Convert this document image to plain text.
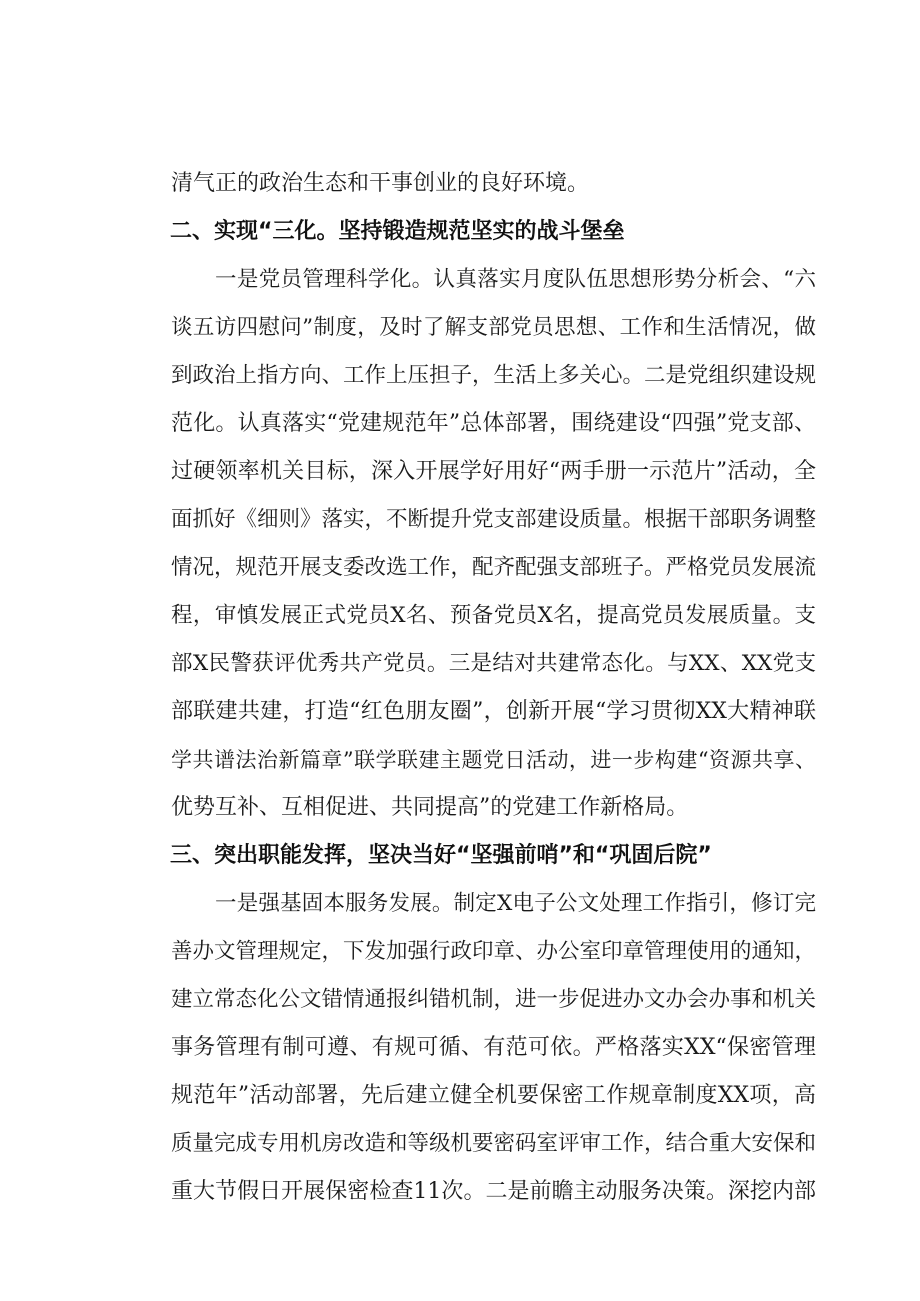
清气正的政治生态和干事创业的良好环境。
二、实现“三化。坚持锻造规范坚实的战斗堡垒
一是党员管理科学化。认真落实月度队伍思想形势分析会、“六
谈五访四慰问”制度，及时了解支部党员思想、工作和生活情况，做
到政治上指方向、工作上压担子，生活上多关心。二是党组织建设规
范化。认真落实“党建规范年”总体部署，围绕建设“四强”党支部、
过硬领率机关目标，深入开展学好用好“两手册一示范片”活动，全
面抓好《细则》落实，不断提升党支部建设质量。根据干部职务调整
情况，规范开展支委改选工作，配齐配强支部班子。严格党员发展流
程，审慎发展正式党员X名、预备党员X名，提高党员发展质量。支
部X民警获评优秀共产党员。三是结对共建常态化。与XX、XX党支
部联建共建，打造“红色朋友圈”，创新开展“学习贯彻XX大精神联
学共谱法治新篇章”联学联建主题党日活动，进一步构建“资源共享、
优势互补、互相促进、共同提高”的党建工作新格局。
三、突出职能发挥，坚决当好“坚强前哨”和“巩固后院”
一是强基固本服务发展。制定X电子公文处理工作指引，修订完
善办文管理规定，下发加强行政印章、办公室印章管理使用的通知，
建立常态化公文错情通报纠错机制，进一步促进办文办会办事和机关
事务管理有制可遵、有规可循、有范可依。严格落实XX“保密管理
规范年”活动部署，先后建立健全机要保密工作规章制度XX项，高
质量完成专用机房改造和等级机要密码室评审工作，结合重大安保和
重大节假日开展保密检查11次。二是前瞻主动服务决策。深挖内部
